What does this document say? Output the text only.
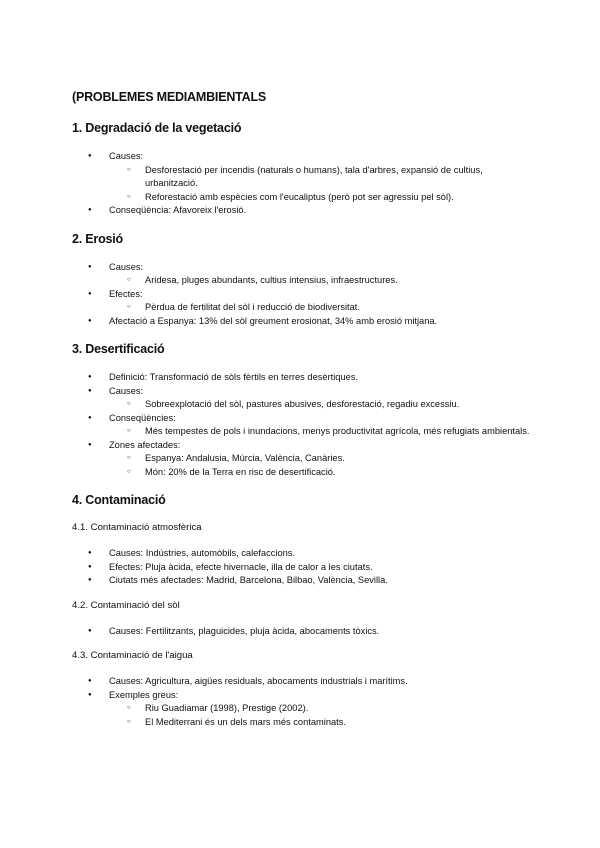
(PROBLEMES MEDIAMBIENTALS
1. Degradació de la vegetació
● Causes:
○ Desforestació per incendis (naturals o humans), tala d'arbres, expansió de cultius, urbanització.
○ Reforestació amb espècies com l'eucaliptus (però pot ser agressiu pel sòl).
● Conseqüència: Afavoreix l'erosió.
2. Erosió
● Causes:
○ Aridesa, pluges abundants, cultius intensius, infraestructures.
● Efectes:
○ Pèrdua de fertilitat del sòl i reducció de biodiversitat.
● Afectació a Espanya: 13% del sòl greument erosionat, 34% amb erosió mitjana.
3. Desertificació
● Definició: Transformació de sòls fèrtils en terres desèrtiques.
● Causes:
○ Sobreexplotació del sòl, pastures abusives, desforestació, regadiu excessiu.
● Conseqüències:
○ Més tempestes de pols i inundacions, menys productivitat agrícola, més refugiats ambientals.
● Zones afectades:
○ Espanya: Andalusia, Múrcia, València, Canàries.
○ Món: 20% de la Terra en risc de desertificació.
4. Contaminació
4.1. Contaminació atmosfèrica
● Causes: Indústries, automòbils, calefaccions.
● Efectes: Pluja àcida, efecte hivernacle, illa de calor a les ciutats.
● Ciutats més afectades: Madrid, Barcelona, Bilbao, València, Sevilla.
4.2. Contaminació del sòl
● Causes: Fertilitzants, plaguicides, pluja àcida, abocaments tòxics.
4.3. Contaminació de l'aigua
● Causes: Agricultura, aigües residuals, abocaments industrials i marítims.
● Exemples greus:
○ Riu Guadiamar (1998), Prestige (2002).
○ El Mediterrani és un dels mars més contaminats.
